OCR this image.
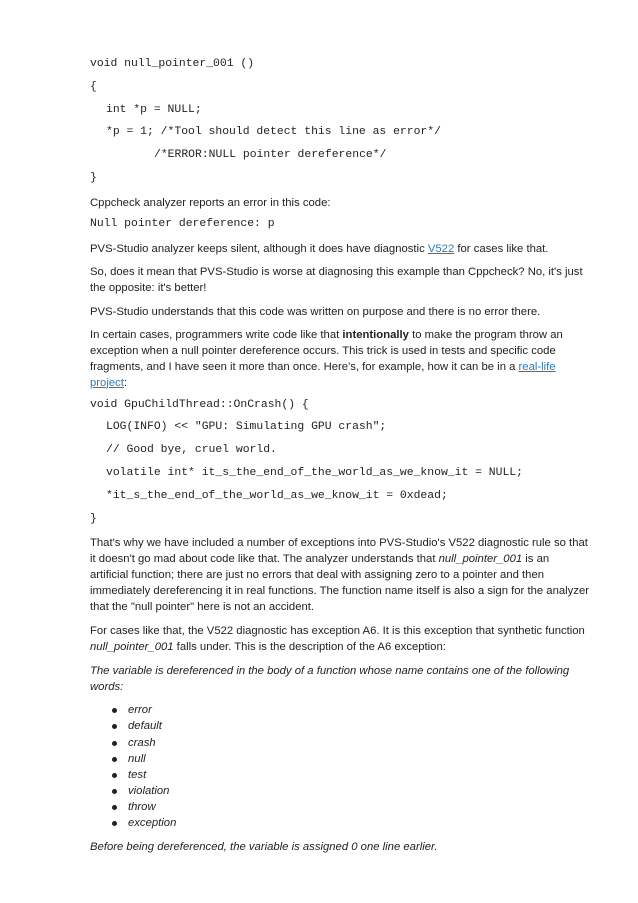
void null_pointer_001 ()
{
int *p = NULL;
*p = 1; /*Tool should detect this line as error*/
/*ERROR:NULL pointer dereference*/
}

Cppcheck analyzer reports an error in this code:

Null pointer dereference: p

PVS-Studio analyzer keeps silent, although it does have diagnostic V522 for cases like that.

So, does it mean that PVS-Studio is worse at diagnosing this example than Cppcheck? No, it's just the opposite: it's better!

PVS-Studio understands that this code was written on purpose and there is no error there.

In certain cases, programmers write code like that intentionally to make the program throw an exception when a null pointer dereference occurs. This trick is used in tests and specific code fragments, and I have seen it more than once. Here's, for example, how it can be in a real-life project:

void GpuChildThread::OnCrash() {
LOG(INFO) << "GPU: Simulating GPU crash";
// Good bye, cruel world.
volatile int* it_s_the_end_of_the_world_as_we_know_it = NULL;
*it_s_the_end_of_the_world_as_we_know_it = 0xdead;
}

That's why we have included a number of exceptions into PVS-Studio's V522 diagnostic rule so that it doesn't go mad about code like that. The analyzer understands that null_pointer_001 is an artificial function; there are just no errors that deal with assigning zero to a pointer and then immediately dereferencing it in real functions. The function name itself is also a sign for the analyzer that the "null pointer" here is not an accident.

For cases like that, the V522 diagnostic has exception A6. It is this exception that synthetic function null_pointer_001 falls under. This is the description of the A6 exception:

The variable is dereferenced in the body of a function whose name contains one of the following words:

error
default
crash
null
test
violation
throw
exception

Before being dereferenced, the variable is assigned 0 one line earlier.
